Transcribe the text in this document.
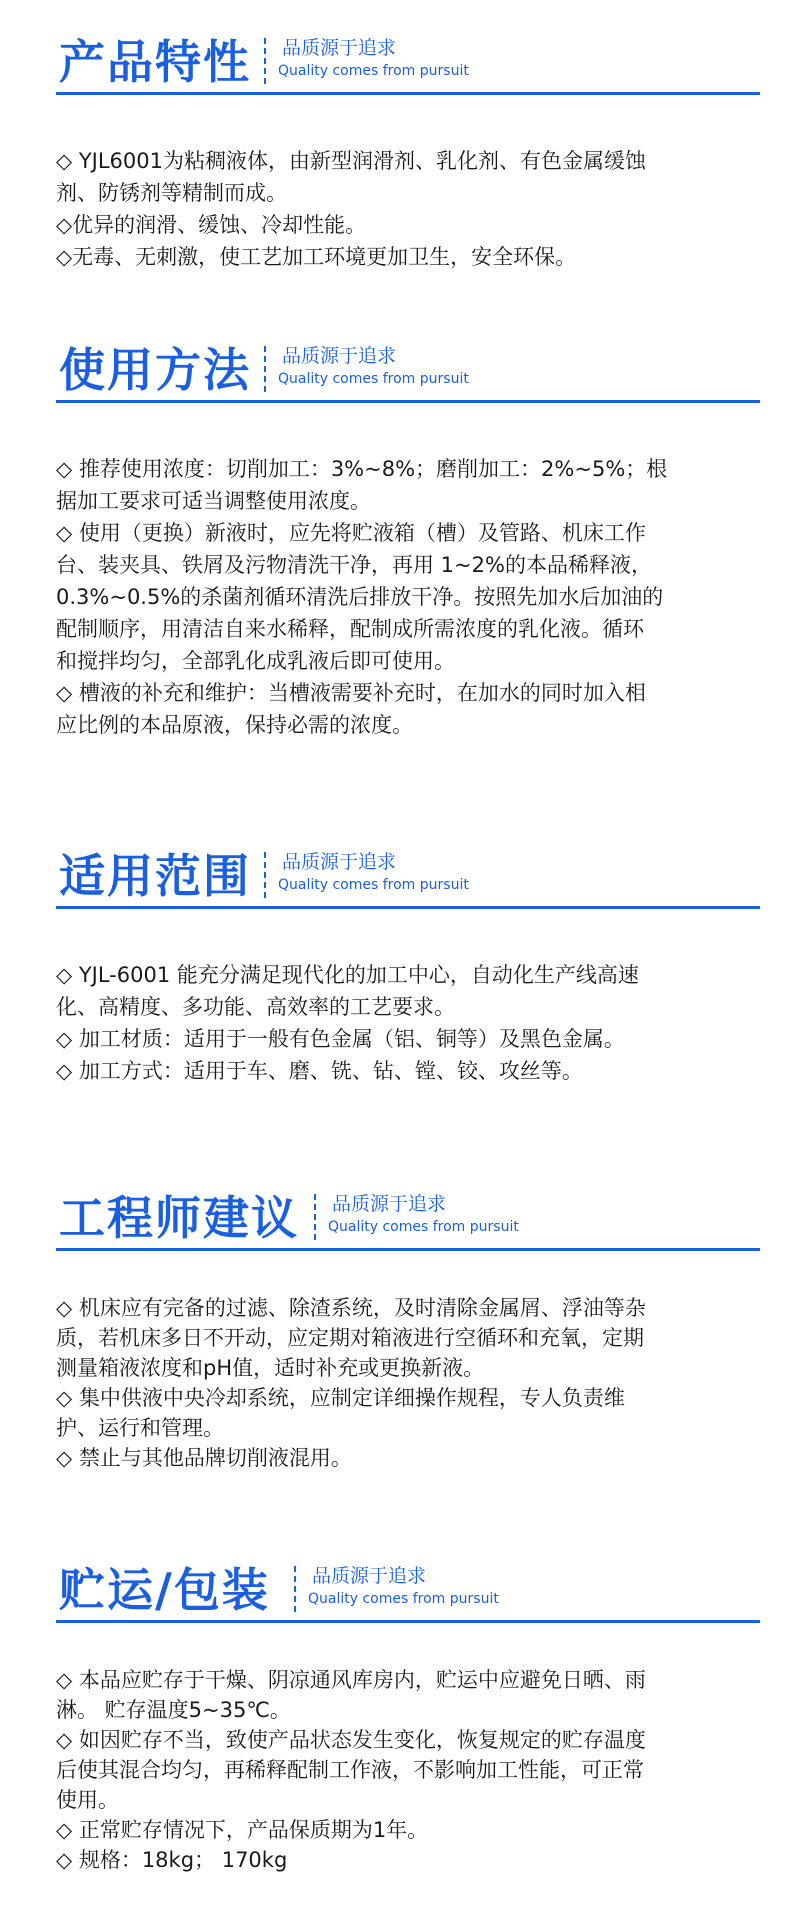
产品特性 品质源于追求
Quality comes from pursuit

◇ YJL6001为粘稠液体，由新型润滑剂、乳化剂、有色金属缓蚀

剂、防锈剂等精制而成。

◇优异的润滑、缓蚀、冷却性能。

◇无毒、无刺激，使工艺加工环境更加卫生，安全环保。

使用方法 品质源于追求
Quality comes from pursuit

◇ 推荐使用浓度：切削加工：3%~8%；磨削加工：2%~5%；根

据加工要求可适当调整使用浓度。

◇ 使用（更换）新液时，应先将贮液箱（槽）及管路、机床工作

台、装夹具、铁屑及污物清洗干净，再用 1~2%的本品稀释液，

0.3%~0.5%的杀菌剂循环清洗后排放干净。按照先加水后加油的

配制顺序，用清洁自来水稀释，配制成所需浓度的乳化液。循环

和搅拌均匀，全部乳化成乳液后即可使用。

◇ 槽液的补充和维护：当槽液需要补充时，在加水的同时加入相

应比例的本品原液，保持必需的浓度。

适用范围 品质源于追求
Quality comes from pursuit

◇ YJL-6001 能充分满足现代化的加工中心，自动化生产线高速

化、高精度、多功能、高效率的工艺要求。

◇ 加工材质：适用于一般有色金属（铝、铜等）及黑色金属。

◇ 加工方式：适用于车、磨、铣、钻、镗、铰、攻丝等。

工程师建议 品质源于追求
Quality comes from pursuit

◇ 机床应有完备的过滤、除渣系统，及时清除金属屑、浮油等杂

质，若机床多日不开动，应定期对箱液进行空循环和充氧，定期

测量箱液浓度和pH值，适时补充或更换新液。

◇ 集中供液中央冷却系统，应制定详细操作规程，专人负责维

护、运行和管理。

◇ 禁止与其他品牌切削液混用。

贮运/包装 品质源于追求
Quality comes from pursuit

◇ 本品应贮存于干燥、阴凉通风库房内，贮运中应避免日晒、雨

淋。 贮存温度5~35℃。

◇ 如因贮存不当，致使产品状态发生变化，恢复规定的贮存温度

后使其混合均匀，再稀释配制工作液，不影响加工性能，可正常

使用。

◇ 正常贮存情况下，产品保质期为1年。

◇ 规格：18kg； 170kg
